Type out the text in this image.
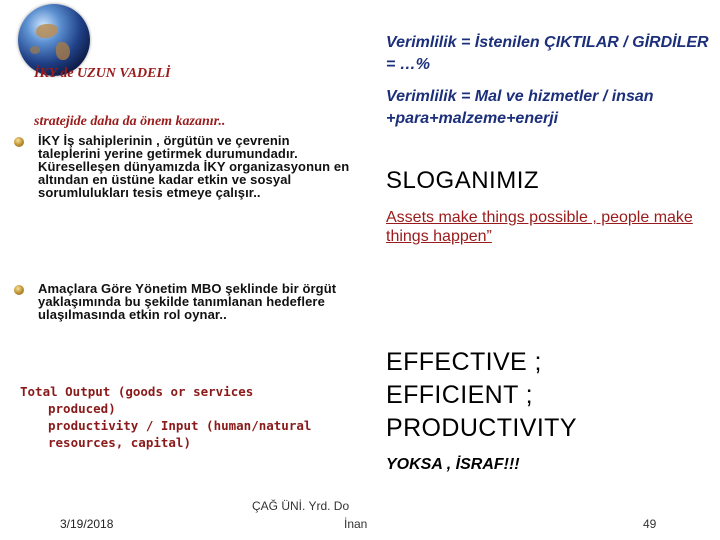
İKY de UZUN VADELİ
stratejide daha da önem kazanır..
İKY İş sahiplerinin , örgütün ve çevrenin taleplerini yerine getirmek durumundadır. Küreselleşen dünyamızda İKY organizasyonun en altından en üstüne kadar etkin ve sosyal sorumlulukları tesis etmeye çalışır..
Amaçlara Göre Yönetim MBO şeklinde bir örgüt yaklaşımında bu şekilde tanımlanan hedeflere ulaşılmasında etkin rol oynar..
Total Output (goods or services
produced)
productivity / Input (human/natural
resources, capital)
Verimlilik = İstenilen ÇIKTILAR / GİRDİLER = …%
Verimlilik = Mal ve hizmetler / insan +para+malzeme+enerji
SLOGANIMIZ
Assets make things possible , people make things happen”
EFFECTIVE ;
EFFICIENT ;
PRODUCTIVITY
YOKSA , İSRAF!!!
3/19/2018
ÇAĞ ÜNİ. Yrd. Do
İnan	49
